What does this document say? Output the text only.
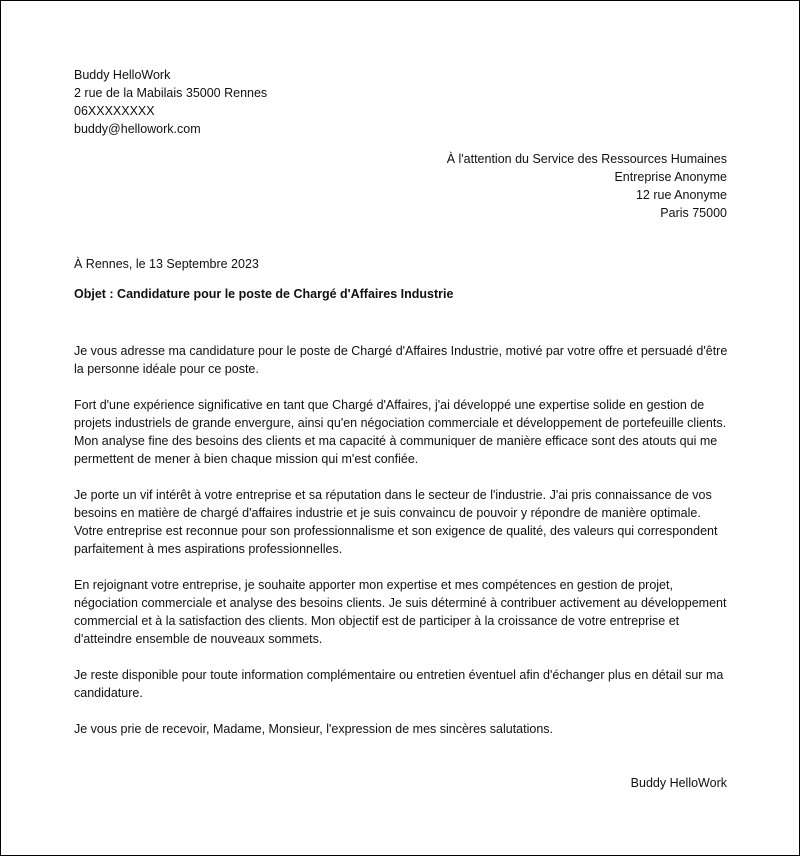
Buddy HelloWork
2 rue de la Mabilais 35000 Rennes
06XXXXXXXX
buddy@hellowork.com
À l'attention du Service des Ressources Humaines
Entreprise Anonyme
12 rue Anonyme
Paris 75000
À Rennes, le 13 Septembre 2023
Objet : Candidature pour le poste de Chargé d'Affaires Industrie

Je vous adresse ma candidature pour le poste de Chargé d'Affaires Industrie, motivé par votre offre et persuadé d'être la personne idéale pour ce poste.

Fort d'une expérience significative en tant que Chargé d'Affaires, j'ai développé une expertise solide en gestion de projets industriels de grande envergure, ainsi qu'en négociation commerciale et développement de portefeuille clients. Mon analyse fine des besoins des clients et ma capacité à communiquer de manière efficace sont des atouts qui me permettent de mener à bien chaque mission qui m'est confiée.

Je porte un vif intérêt à votre entreprise et sa réputation dans le secteur de l'industrie. J'ai pris connaissance de vos besoins en matière de chargé d'affaires industrie et je suis convaincu de pouvoir y répondre de manière optimale. Votre entreprise est reconnue pour son professionnalisme et son exigence de qualité, des valeurs qui correspondent parfaitement à mes aspirations professionnelles.

En rejoignant votre entreprise, je souhaite apporter mon expertise et mes compétences en gestion de projet, négociation commerciale et analyse des besoins clients. Je suis déterminé à contribuer activement au développement commercial et à la satisfaction des clients. Mon objectif est de participer à la croissance de votre entreprise et d'atteindre ensemble de nouveaux sommets.

Je reste disponible pour toute information complémentaire ou entretien éventuel afin d'échanger plus en détail sur ma candidature.

Je vous prie de recevoir, Madame, Monsieur, l'expression de mes sincères salutations.

Buddy HelloWork
